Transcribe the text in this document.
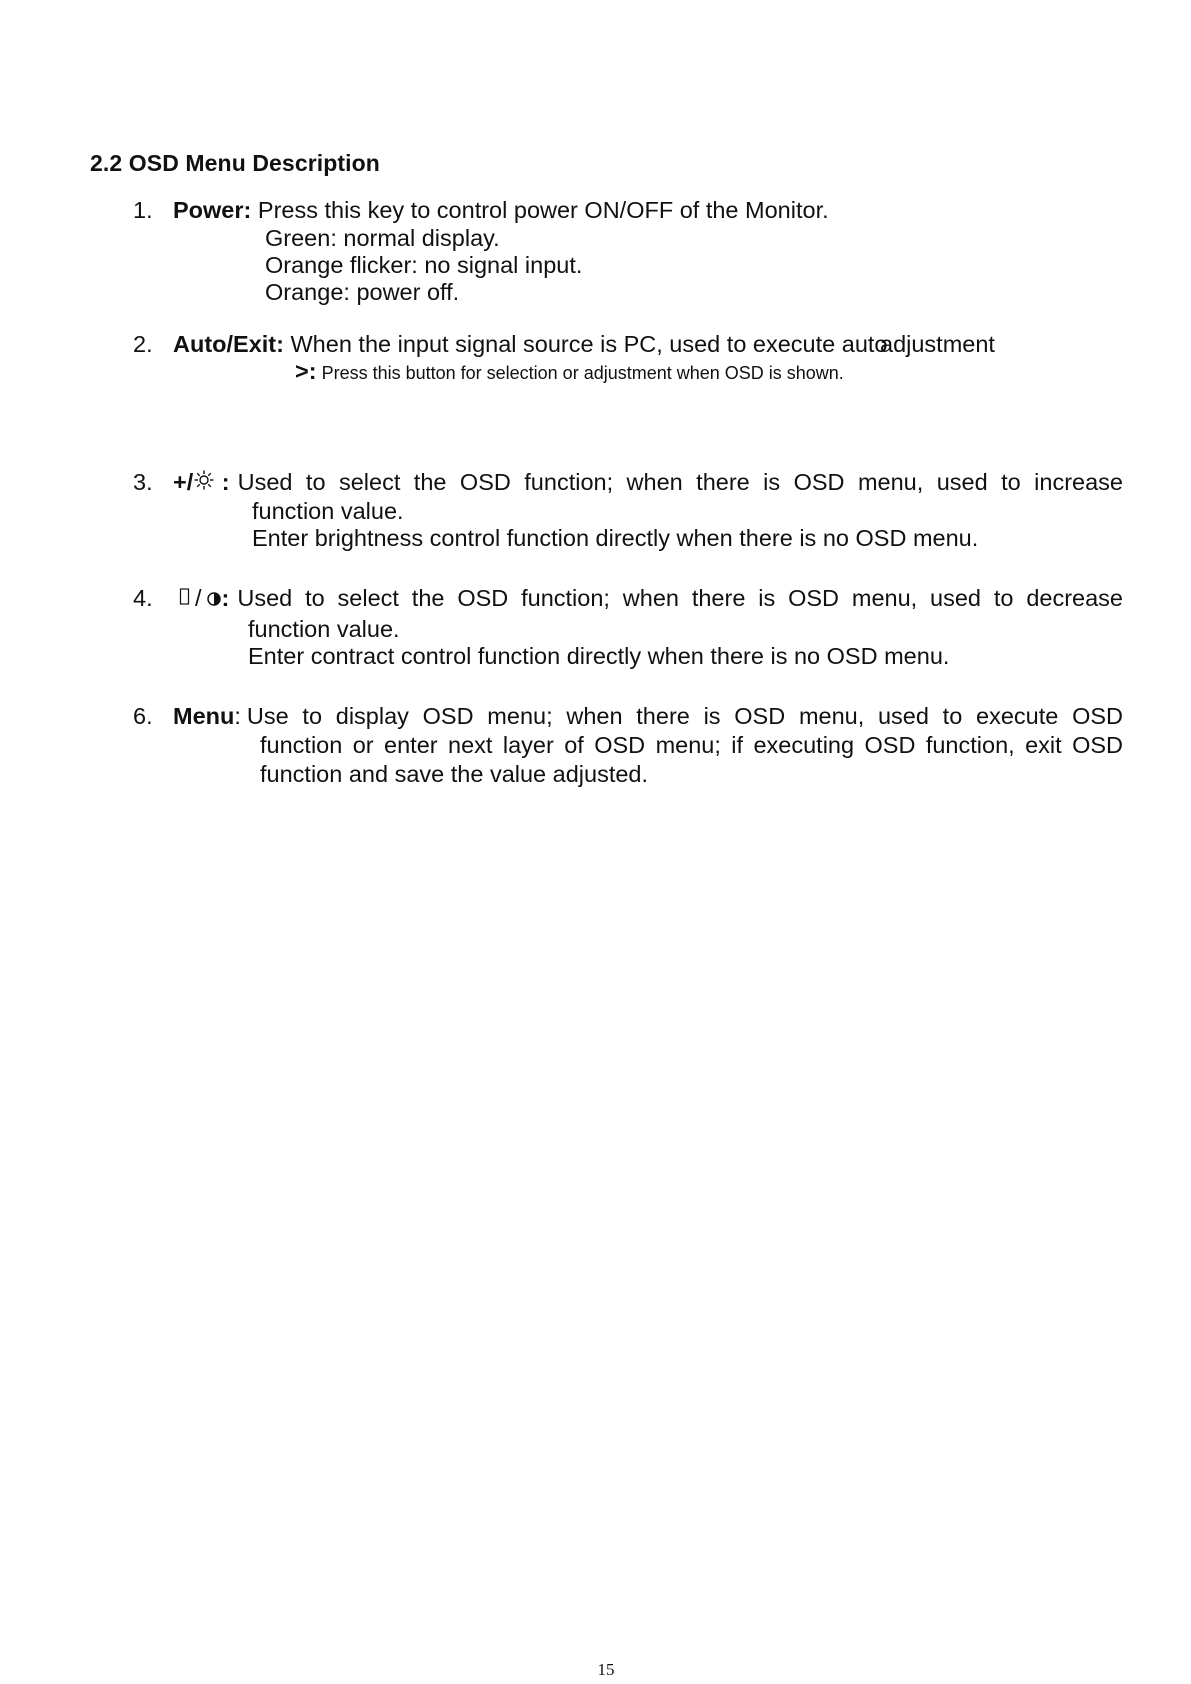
2.2 OSD Menu Description
1. Power: Press this key to control power ON/OFF of the Monitor.
Green: normal display.
Orange flicker: no signal input.
Orange: power off.
2. Auto/Exit: When the input signal source is PC, used to execute auto
adjustment
>: Press this button for selection or adjustment when OSD is shown.
3. +/ : Used to select the OSD function; when there is OSD menu, used to increase
function value.
Enter brightness control function directly when there is no OSD menu.
4.	/ : Used to select the OSD function; when there is OSD menu, used to decrease
function value.
Enter contract control function directly when there is no OSD menu.
6. Menu: Use to display OSD menu; when there is OSD menu, used to execute OSD
function or enter next layer of OSD menu; if executing OSD function, exit OSD
function and save the value adjusted.
15
